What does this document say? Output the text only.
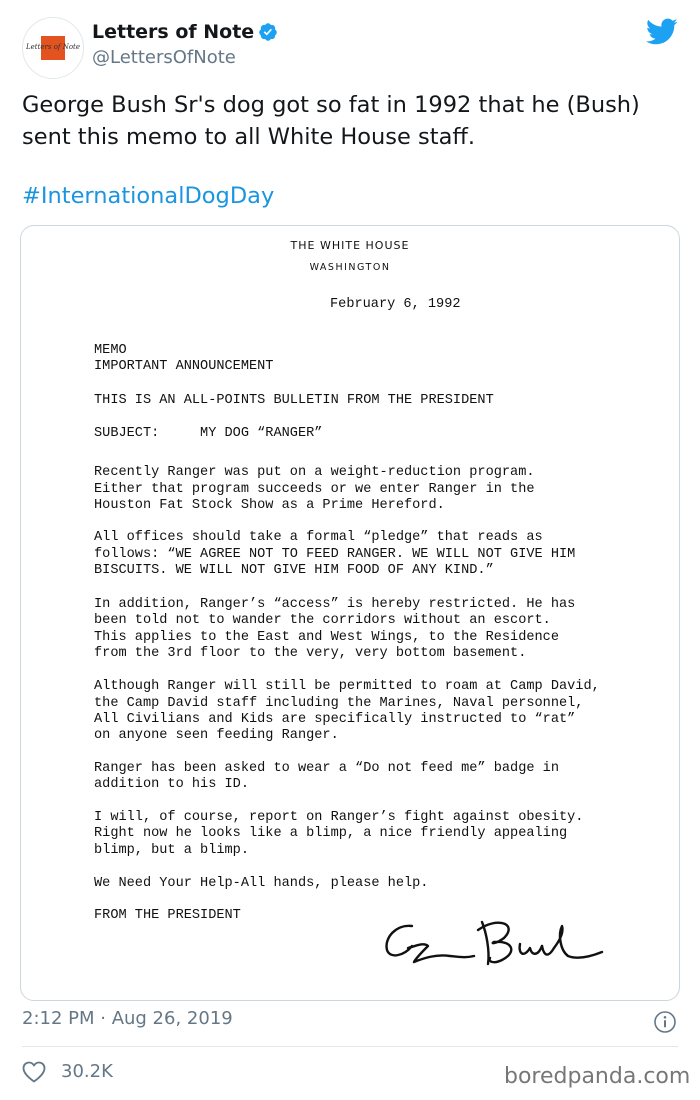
Letters of Note
Letters of Note
@LettersOfNote

George Bush Sr's dog got so fat in 1992 that he (Bush) sent this memo to all White House staff.

#InternationalDogDay
THE WHITE HOUSE
WASHINGTON

February 6, 1992

MEMO

IMPORTANT ANNOUNCEMENT

THIS IS AN ALL-POINTS BULLETIN FROM THE PRESIDENT

SUBJECT:     MY DOG “RANGER”

Recently Ranger was put on a weight-reduction program.

Either that program succeeds or we enter Ranger in the

Houston Fat Stock Show as a Prime Hereford.

All offices should take a formal “pledge” that reads as

follows: “WE AGREE NOT TO FEED RANGER. WE WILL NOT GIVE HIM

BISCUITS. WE WILL NOT GIVE HIM FOOD OF ANY KIND.”

In addition, Ranger’s “access” is hereby restricted. He has

been told not to wander the corridors without an escort.

This applies to the East and West Wings, to the Residence

from the 3rd floor to the very, very bottom basement.

Although Ranger will still be permitted to roam at Camp David,

the Camp David staff including the Marines, Naval personnel,

All Civilians and Kids are specifically instructed to “rat”

on anyone seen feeding Ranger.

Ranger has been asked to wear a “Do not feed me” badge in

addition to his ID.

I will, of course, report on Ranger’s fight against obesity.

Right now he looks like a blimp, a nice friendly appealing

blimp, but a blimp.

We Need Your Help-All hands, please help.

FROM THE PRESIDENT

2:12 PM · Aug 26, 2019
30.2K	boredpanda.com
